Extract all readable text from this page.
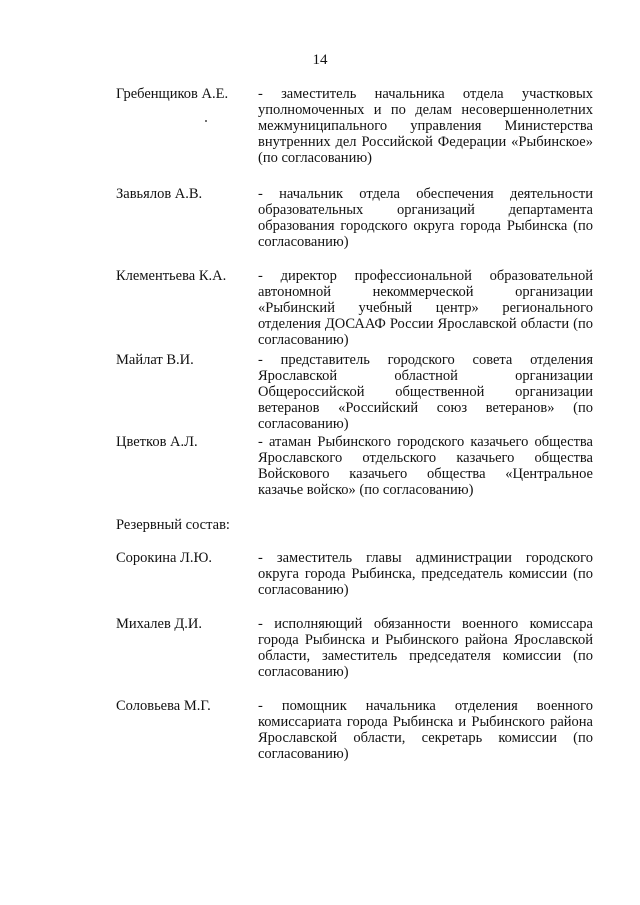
14
Гребенщиков А.Е.	- заместитель начальника отдела участковых уполномоченных и по делам несовершеннолетних межмуниципального управления Министерства внутренних дел Российской Федерации «Рыбинское» (по согласованию)
Завьялов А.В.	- начальник отдела обеспечения деятельности образовательных организаций департамента образования городского округа города Рыбинска (по согласованию)
Клементьева К.А.	- директор профессиональной образовательной автономной некоммерческой организации «Рыбинский учебный центр» регионального отделения ДОСААФ России Ярославской области (по согласованию)
Майлат В.И.	- представитель городского совета отделения Ярославской областной организации Общероссийской общественной организации ветеранов «Российский союз ветеранов» (по согласованию)
Цветков А.Л.	- атаман Рыбинского городского казачьего общества Ярославского отдельского казачьего общества Войскового казачьего общества «Центральное казачье войско» (по согласованию)
Резервный состав:
Сорокина Л.Ю.	- заместитель главы администрации городского округа города Рыбинска, председатель комиссии (по согласованию)
Михалев Д.И.	- исполняющий обязанности военного комиссара города Рыбинска и Рыбинского района Ярославской области, заместитель председателя комиссии (по согласованию)
Соловьева М.Г.	- помощник начальника отделения военного комиссариата города Рыбинска и Рыбинского района Ярославской области, секретарь комиссии (по согласованию)
